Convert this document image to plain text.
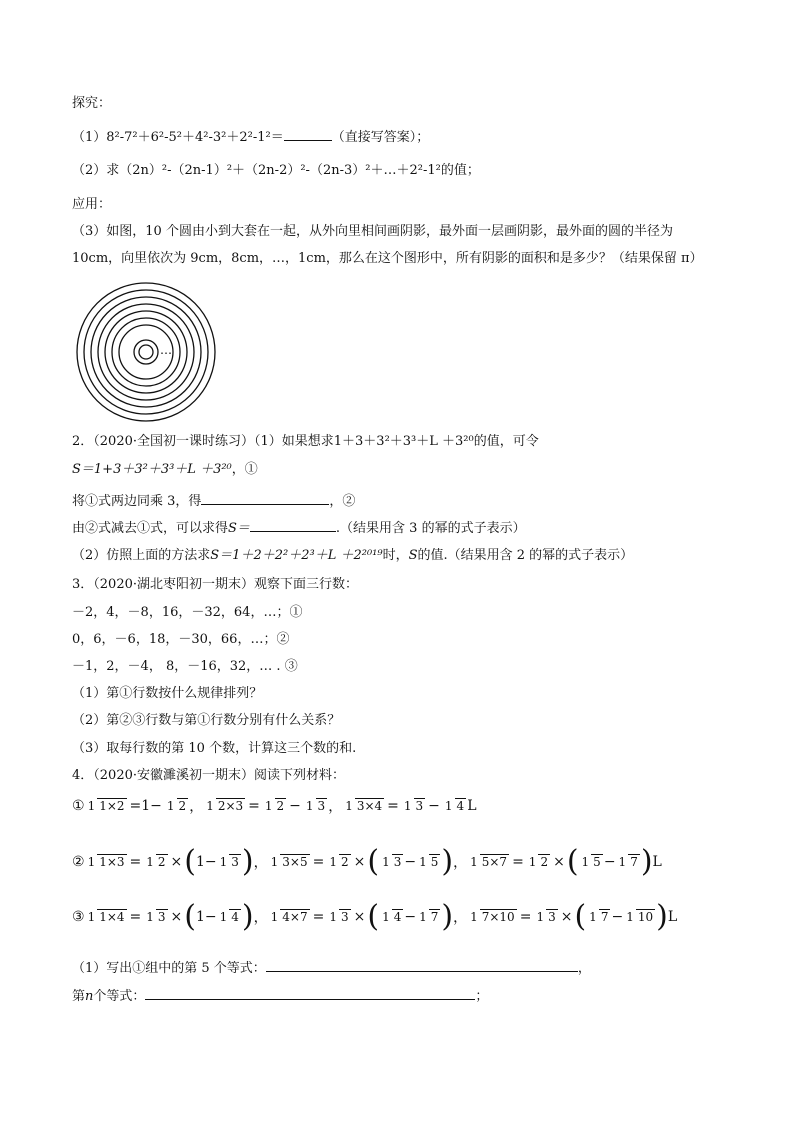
探究：
（1）8²-7²＋6²-5²＋4²-3²＋2²-1²＝	（直接写答案）；
（2）求（2n）²-（2n-1）²＋（2n-2）²-（2n-3）²＋…＋2²-1²的值；
应用：
（3）如图，10 个圆由小到大套在一起，从外向里相间画阴影，最外面一层画阴影，最外面的圆的半径为
10cm，向里依次为 9cm，8cm，…，1cm，那么在这个图形中，所有阴影的面积和是多少？（结果保留 π）
…
2．（2020·全国初一课时练习）（1）如果想求1＋3＋3²＋3³＋L ＋3²⁰的值，可令
S＝1+3＋3²＋3³＋L ＋3²⁰，①
将①式两边同乘 3，得	，②
由②式减去①式，可以求得S＝	.（结果用含 3 的幂的式子表示）
（2）仿照上面的方法求S＝1＋2＋2²＋2³＋L ＋2²⁰¹⁹时，S的值.（结果用含 2 的幂的式子表示）
3．（2020·湖北枣阳初一期末）观察下面三行数：
－2，4，－8，16，－32，64，…；①
0，6，－6，18，－30，66，…；②
－1，2，－4， 8，－16，32，… . ③
（1）第①行数按什么规律排列？
（2）第②③行数与第①行数分别有什么关系？
（3）取每行数的第 10 个数，计算这三个数的和.
4．（2020·安徽濉溪初一期末）阅读下列材料：
① 1 1×2 =1− 1 2 ， 1 2×3 = 1 2 − 1 3 ， 1 3×4 = 1 3 − 1 4 L
② 1 1×3 = 1 2 × ( 1− 1 3 ) ， 1 3×5 = 1 2 × ( 1 3 − 1 5 ) ， 1 5×7 = 1 2 × ( 1 5 − 1 7 ) L
③ 1 1×4 = 1 3 × ( 1− 1 4 ) ， 1 4×7 = 1 3 × ( 1 4 − 1 7 ) ， 1 7×10 = 1 3 × ( 1 7 − 1 10 ) L
（1）写出①组中的第 5 个等式：	，
第n个等式：	；
